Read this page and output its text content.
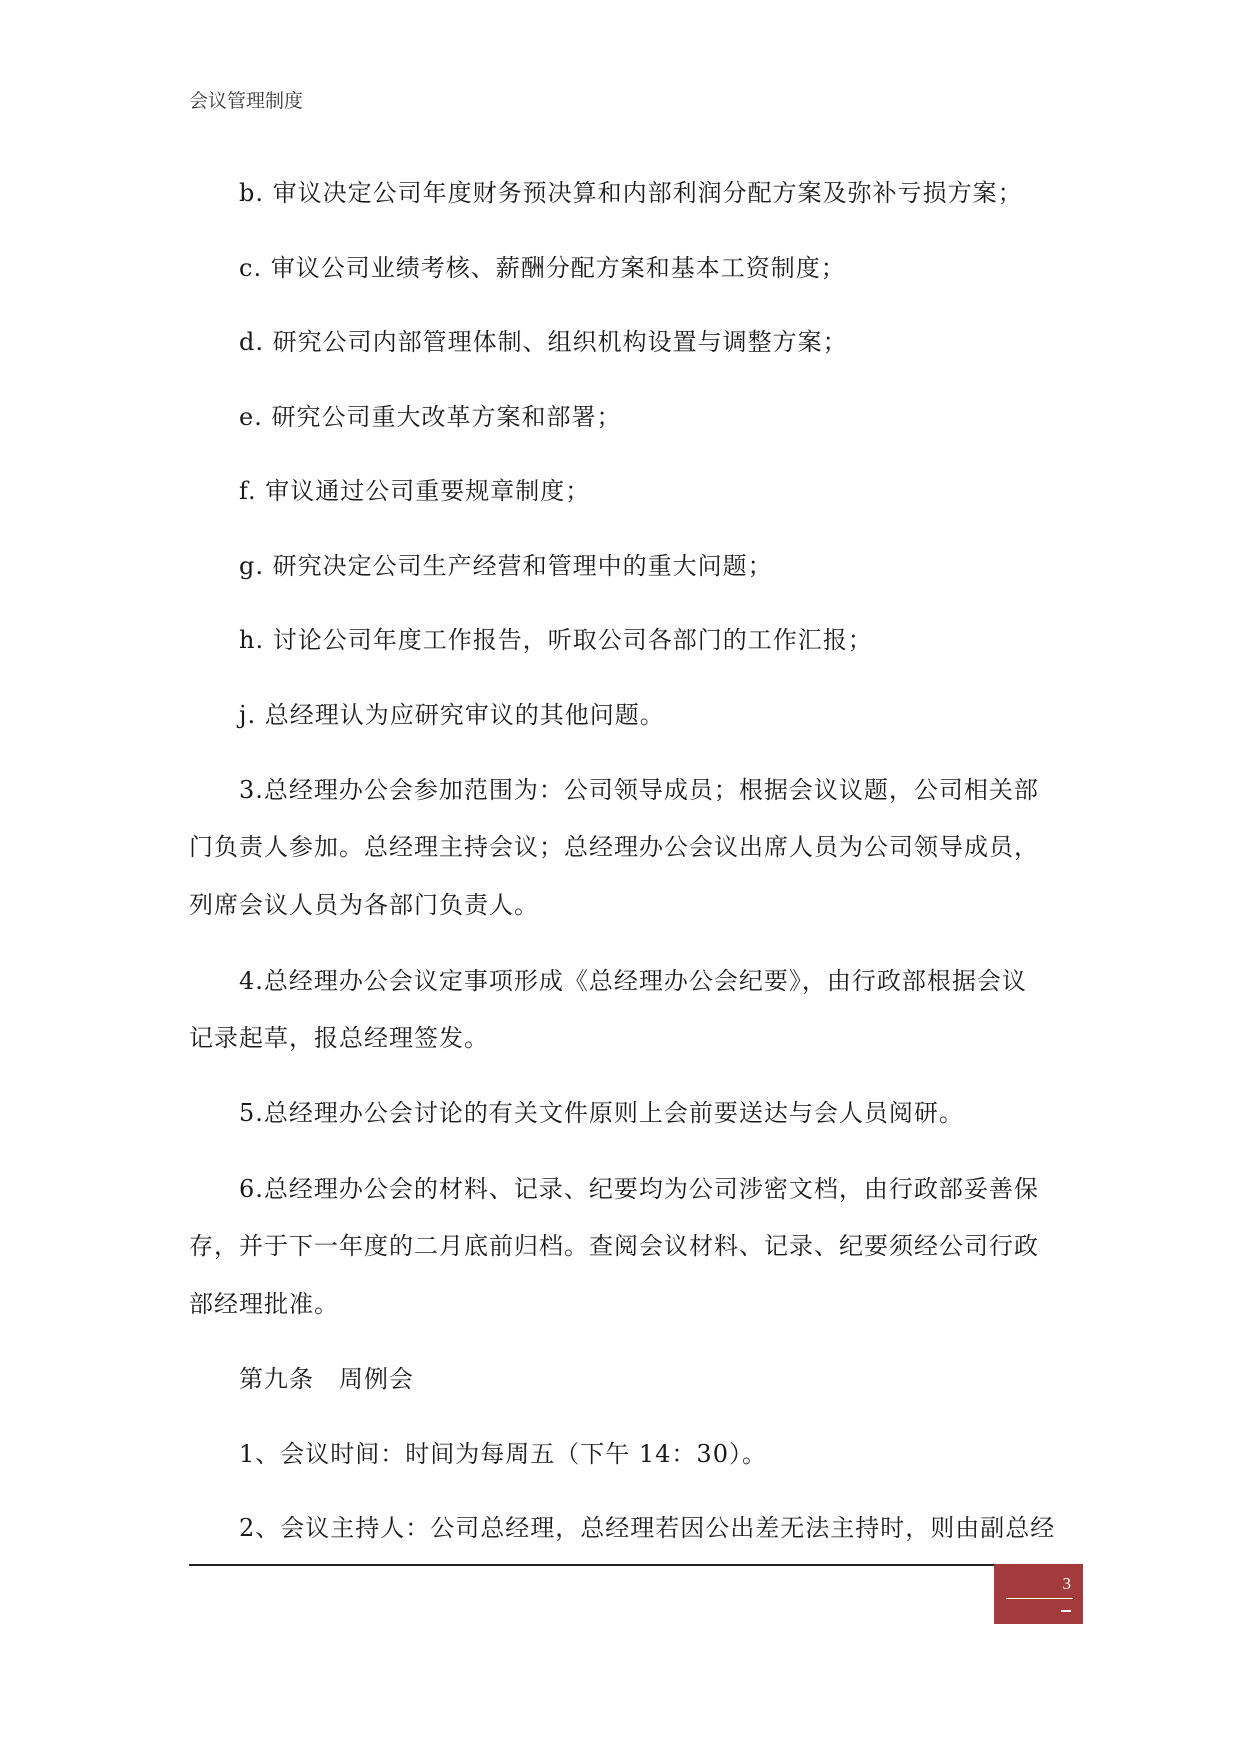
会议管理制度
b. 审议决定公司年度财务预决算和内部利润分配方案及弥补亏损方案；
c. 审议公司业绩考核、薪酬分配方案和基本工资制度；
d. 研究公司内部管理体制、组织机构设置与调整方案；
e. 研究公司重大改革方案和部署；
f. 审议通过公司重要规章制度；
g. 研究决定公司生产经营和管理中的重大问题；
h. 讨论公司年度工作报告，听取公司各部门的工作汇报；
j. 总经理认为应研究审议的其他问题。
3.总经理办公会参加范围为：公司领导成员；根据会议议题，公司相关部
门负责人参加。总经理主持会议；总经理办公会议出席人员为公司领导成员，
列席会议人员为各部门负责人。
4.总经理办公会议定事项形成《总经理办公会纪要》，由行政部根据会议
记录起草，报总经理签发。
5.总经理办公会讨论的有关文件原则上会前要送达与会人员阅研。
6.总经理办公会的材料、记录、纪要均为公司涉密文档，由行政部妥善保
存，并于下一年度的二月底前归档。查阅会议材料、记录、纪要须经公司行政
部经理批准。
第九条　周例会
1、会议时间：时间为每周五（下午 14：30）。
2、会议主持人：公司总经理，总经理若因公出差无法主持时，则由副总经
3
